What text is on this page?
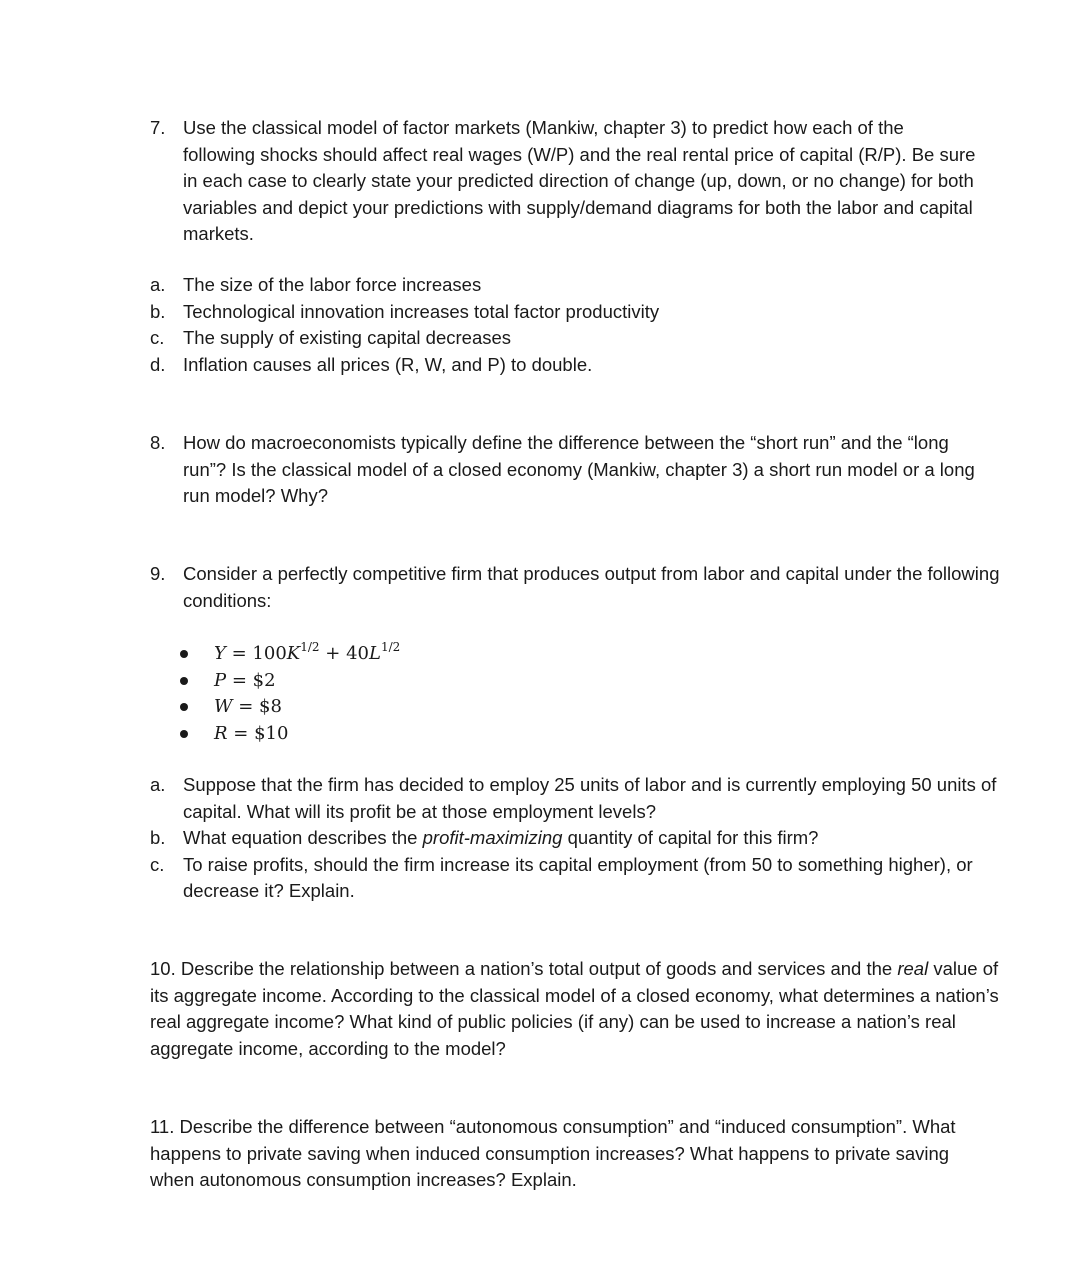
7. Use the classical model of factor markets (Mankiw, chapter 3) to predict how each of the following shocks should affect real wages (W/P) and the real rental price of capital (R/P). Be sure in each case to clearly state your predicted direction of change (up, down, or no change) for both variables and depict your predictions with supply/demand diagrams for both the labor and capital markets.
a. The size of the labor force increases
b. Technological innovation increases total factor productivity
c.	The supply of existing capital decreases
d. Inflation causes all prices (R, W, and P) to double.
8. How do macroeconomists typically define the difference between the “short run” and the “long run”? Is the classical model of a closed economy (Mankiw, chapter 3) a short run model or a long run model? Why?
9. Consider a perfectly competitive firm that produces output from labor and capital under the following conditions:
$Y = 100K^{1/2} + 40L^{1/2}$
P = $2
W = $8
R = $10
a. Suppose that the firm has decided to employ 25 units of labor and is currently employing 50 units of capital. What will its profit be at those employment levels?
b. What equation describes the profit-maximizing quantity of capital for this firm?
c.	To raise profits, should the firm increase its capital employment (from 50 to something higher), or decrease it? Explain.
10. Describe the relationship between a nation’s total output of goods and services and the real value of its aggregate income. According to the classical model of a closed economy, what determines a nation’s real aggregate income? What kind of public policies (if any) can be used to increase a nation’s real aggregate income, according to the model?
11. Describe the difference between “autonomous consumption” and “induced consumption”. What happens to private saving when induced consumption increases? What happens to private saving when autonomous consumption increases? Explain.
